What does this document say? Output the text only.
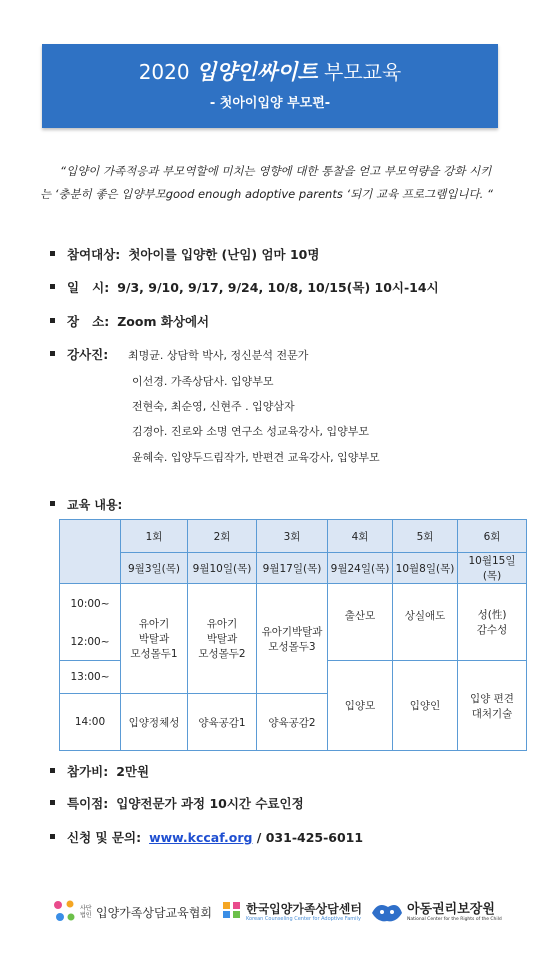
2020 입양인싸이트 부모교육
- 첫아이입양 부모편-
“입양이 가족적응과 부모역할에 미치는 영향에 대한 통찰을 얻고 부모역량을 강화 시키는 ‘충분히 좋은 입양부모good enough adoptive parents ‘되기 교육 프로그램입니다. “
참여대상: 첫아이를 입양한 (난임) 엄마 10명
일   시: 9/3, 9/10, 9/17, 9/24, 10/8, 10/15(목) 10시-14시
장   소: Zoom 화상에서
강사진: 최명균. 상담학 박사, 정신분석 전문가
이선경. 가족상담사. 입양부모
전현숙, 최순영, 신현주 . 입양삼자
김경아. 진로와 소명 연구소 성교육강사, 입양부모
윤혜숙. 입양두드림작가, 반편견 교육강사, 입양부모
교육 내용:
	1회	2회	3회	4회	5회	6회
	9월3일(목)	9월10일(목)	9월17일(목)	9월24일(목)	10월8일(목)	10월15일(목)
10:00~	유아기
박탈과
모성몰두1	유아기
박탈과
모성몰두2	유아기박탈과
모성몰두3	출산모	상실애도	성(性)
감수성
12:00~						
13:00~				입양모	입양인	입양 편견
대처기술
14:00	입양정체성	양육공감1	양육공감2			
참가비: 2만원
특이점: 입양전문가 과정 10시간 수료인정
신청 및 문의: www.kccaf.org / 031-425-6011
사단법인 입양가족상담교육협회	한국입양가족상담센터
Korean Counseling Center for Adoptive Family
아동권리보장원
National Center for the Rights of the Child
